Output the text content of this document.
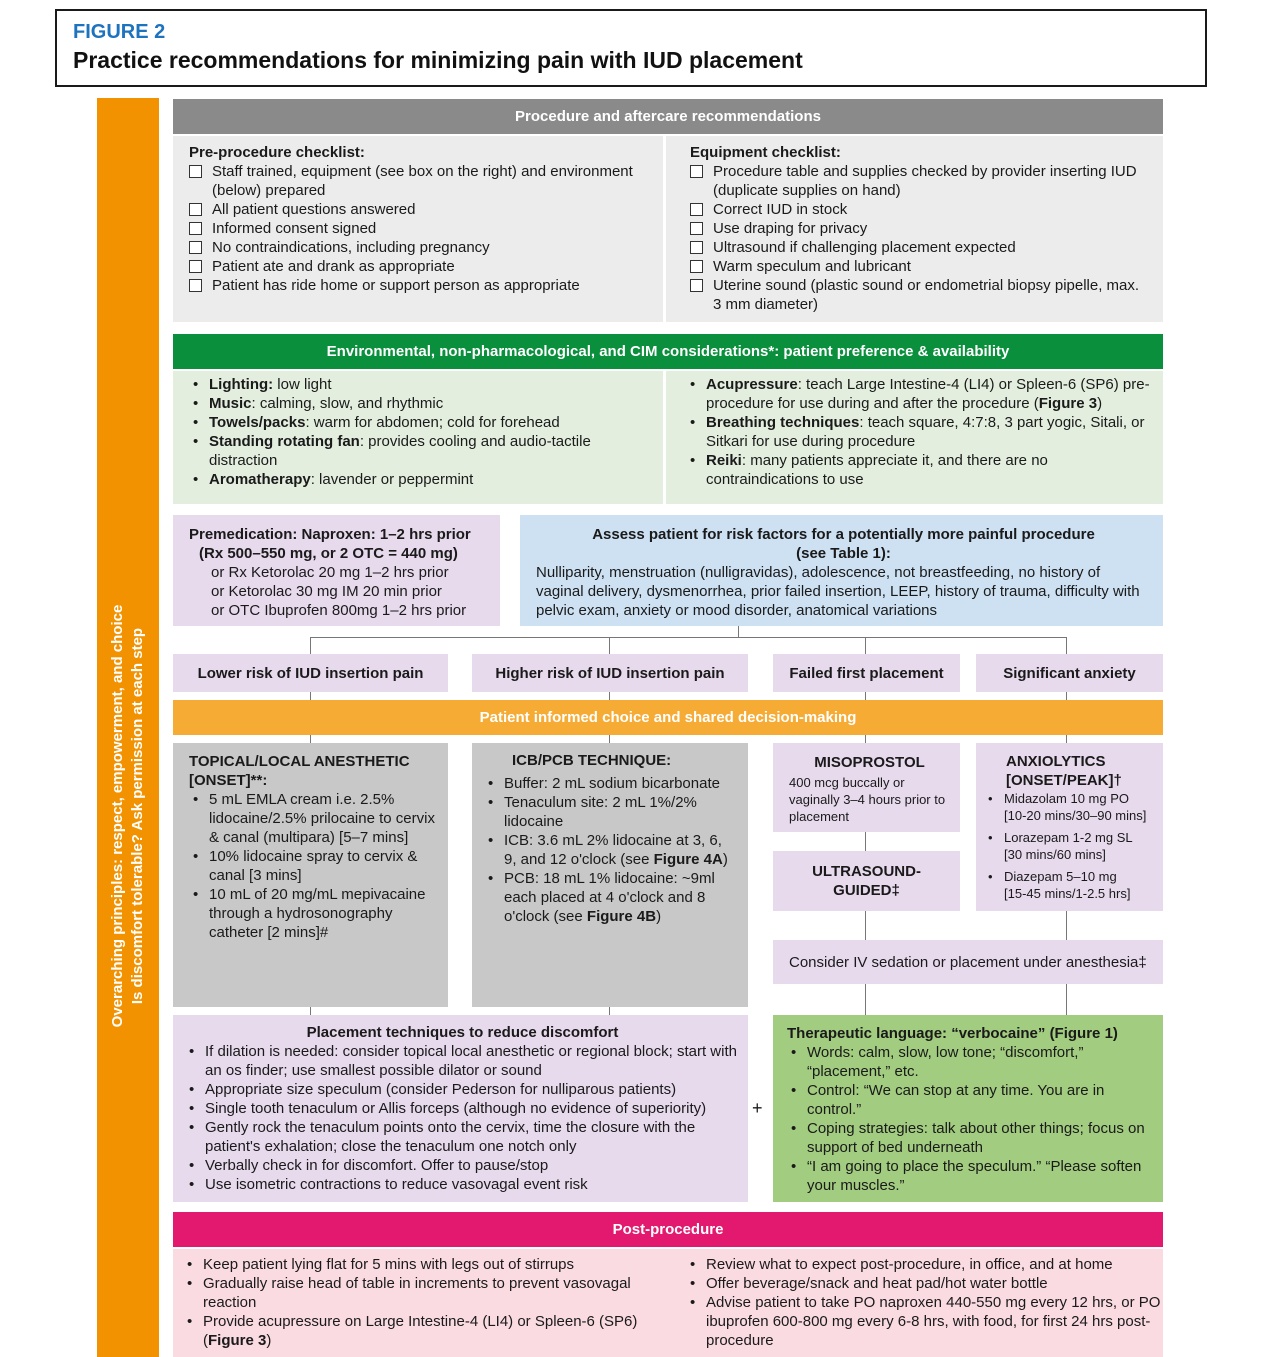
FIGURE 2
Practice recommendations for minimizing pain with IUD placement
Overarching principles: respect, empowerment, and choice Is discomfort tolerable? Ask permission at each step
Procedure and aftercare recommendations
Pre-procedure checklist:
Staff trained, equipment (see box on the right) and environment (below) prepared
All patient questions answered
Informed consent signed
No contraindications, including pregnancy
Patient ate and drank as appropriate
Patient has ride home or support person as appropriate
Equipment checklist:
Procedure table and supplies checked by provider inserting IUD (duplicate supplies on hand)
Correct IUD in stock
Use draping for privacy
Ultrasound if challenging placement expected
Warm speculum and lubricant
Uterine sound (plastic sound or endometrial biopsy pipelle, max. 3 mm diameter)
Environmental, non-pharmacological, and CIM considerations*: patient preference & availability
• Lighting: low light
• Music: calming, slow, and rhythmic
• Towels/packs: warm for abdomen; cold for forehead
• Standing rotating fan: provides cooling and audio-tactile distraction
• Aromatherapy: lavender or peppermint
• Acupressure: teach Large Intestine-4 (LI4) or Spleen-6 (SP6) pre-procedure for use during and after the procedure (Figure 3)
• Breathing techniques: teach square, 4:7:8, 3 part yogic, Sitali, or Sitkari for use during procedure
• Reiki: many patients appreciate it, and there are no contraindications to use
Premedication: Naproxen: 1–2 hrs prior
(Rx 500–550 mg, or 2 OTC = 440 mg)
or Rx Ketorolac 20 mg 1–2 hrs prior
or Ketorolac 30 mg IM 20 min prior
or OTC Ibuprofen 800mg 1–2 hrs prior
Assess patient for risk factors for a potentially more painful procedure
(see Table 1):
Nulliparity, menstruation (nulligravidas), adolescence, not breastfeeding, no history of vaginal delivery, dysmenorrhea, prior failed insertion, LEEP, history of trauma, difficulty with pelvic exam, anxiety or mood disorder, anatomical variations
Lower risk of IUD insertion pain	Higher risk of IUD insertion pain	Failed first placement	Significant anxiety
Patient informed choice and shared decision-making
TOPICAL/LOCAL ANESTHETIC [ONSET]**:
• 5 mL EMLA cream i.e. 2.5% lidocaine/2.5% prilocaine to cervix & canal (multipara) [5–7 mins]
• 10% lidocaine spray to cervix & canal [3 mins]
• 10 mL of 20 mg/mL mepivacaine through a hydrosonography catheter [2 mins]#
ICB/PCB TECHNIQUE:
• Buffer: 2 mL sodium bicarbonate
• Tenaculum site: 2 mL 1%/2% lidocaine
• ICB: 3.6 mL 2% lidocaine at 3, 6, 9, and 12 o'clock (see Figure 4A)
• PCB: 18 mL 1% lidocaine: ~9ml each placed at 4 o'clock and 8 o'clock (see Figure 4B)
MISOPROSTOL
400 mcg buccally or vaginally 3–4 hours prior to placement
ULTRASOUND-GUIDED‡
ANXIOLYTICS
[ONSET/PEAK]†
• Midazolam 10 mg PO
[10-20 mins/30–90 mins]
• Lorazepam 1-2 mg SL
[30 mins/60 mins]
• Diazepam 5–10 mg
[15-45 mins/1-2.5 hrs]
Consider IV sedation or placement under anesthesia‡
Placement techniques to reduce discomfort
• If dilation is needed: consider topical local anesthetic or regional block; start with an os finder; use smallest possible dilator or sound
• Appropriate size speculum (consider Pederson for nulliparous patients)
• Single tooth tenaculum or Allis forceps (although no evidence of superiority)
• Gently rock the tenaculum points onto the cervix, time the closure with the patient's exhalation; close the tenaculum one notch only
• Verbally check in for discomfort. Offer to pause/stop
• Use isometric contractions to reduce vasovagal event risk
+
Therapeutic language: “verbocaine” (Figure 1)
• Words: calm, slow, low tone; “discomfort,” “placement,” etc.
• Control: “We can stop at any time. You are in control.”
• Coping strategies: talk about other things; focus on support of bed underneath
• “I am going to place the speculum.” “Please soften your muscles.”
Post-procedure
• Keep patient lying flat for 5 mins with legs out of stirrups
• Gradually raise head of table in increments to prevent vasovagal reaction
• Provide acupressure on Large Intestine-4 (LI4) or Spleen-6 (SP6) (Figure 3)
• Review what to expect post-procedure, in office, and at home
• Offer beverage/snack and heat pad/hot water bottle
• Advise patient to take PO naproxen 440-550 mg every 12 hrs, or PO ibuprofen 600-800 mg every 6-8 hrs, with food, for first 24 hrs post-procedure
